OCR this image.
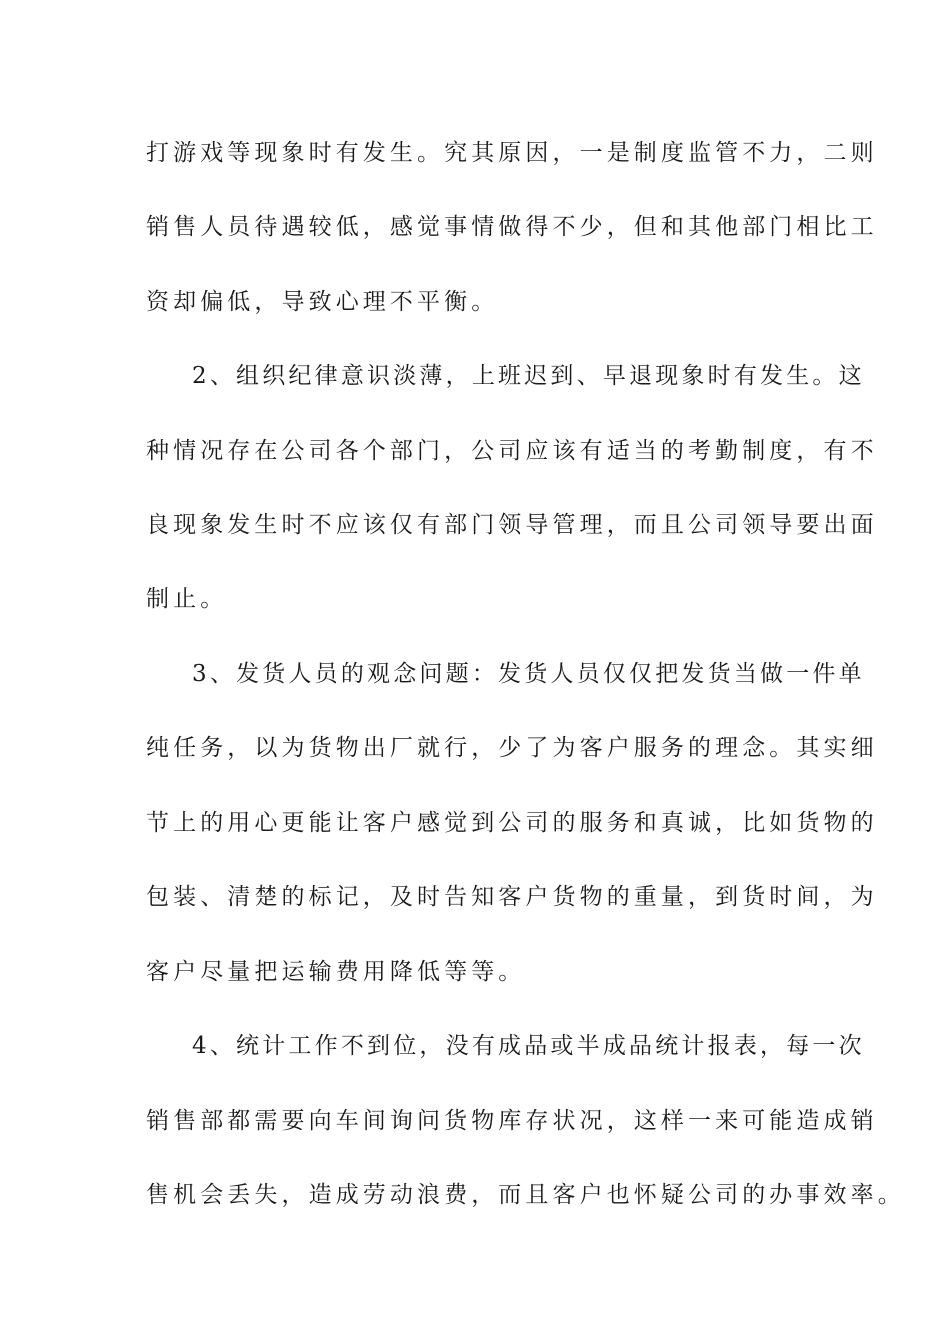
打游戏等现象时有发生。究其原因，一是制度监管不力，二则
销售人员待遇较低，感觉事情做得不少，但和其他部门相比工
资却偏低，导致心理不平衡。
2、组织纪律意识淡薄，上班迟到、早退现象时有发生。这
种情况存在公司各个部门，公司应该有适当的考勤制度，有不
良现象发生时不应该仅有部门领导管理，而且公司领导要出面
制止。
3、发货人员的观念问题：发货人员仅仅把发货当做一件单
纯任务，以为货物出厂就行，少了为客户服务的理念。其实细
节上的用心更能让客户感觉到公司的服务和真诚，比如货物的
包装、清楚的标记，及时告知客户货物的重量，到货时间，为
客户尽量把运输费用降低等等。
4、统计工作不到位，没有成品或半成品统计报表，每一次
销售部都需要向车间询问货物库存状况，这样一来可能造成销
售机会丢失，造成劳动浪费，而且客户也怀疑公司的办事效率。
